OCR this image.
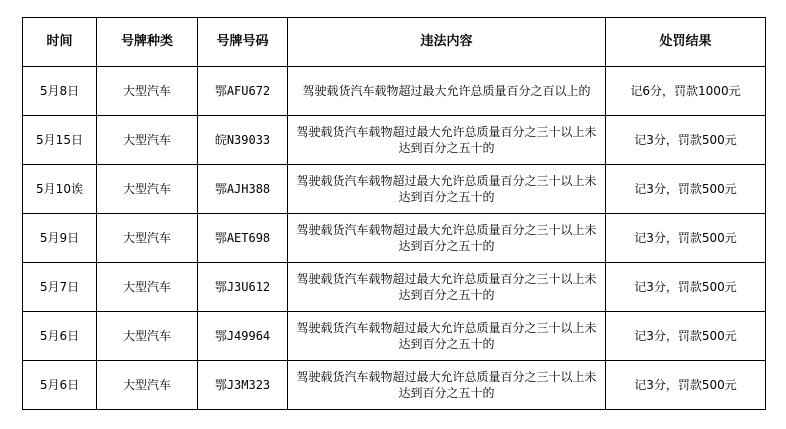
时间	号牌种类	号牌号码	违法内容	处罚结果
5月8日	大型汽车	鄂AFU672	驾驶载货汽车载物超过最大允许总质量百分之百以上的	记6分，罚款1000元
5月15日	大型汽车	皖N39033	驾驶载货汽车载物超过最大允许总质量百分之三十以上未达到百分之五十的	记3分，罚款500元
5月10诶	大型汽车	鄂AJH388	驾驶载货汽车载物超过最大允许总质量百分之三十以上未达到百分之五十的	记3分，罚款500元
5月9日	大型汽车	鄂AET698	驾驶载货汽车载物超过最大允许总质量百分之三十以上未达到百分之五十的	记3分，罚款500元
5月7日	大型汽车	鄂J3U612	驾驶载货汽车载物超过最大允许总质量百分之三十以上未达到百分之五十的	记3分，罚款500元
5月6日	大型汽车	鄂J49964	驾驶载货汽车载物超过最大允许总质量百分之三十以上未达到百分之五十的	记3分，罚款500元
5月6日	大型汽车	鄂J3M323	驾驶载货汽车载物超过最大允许总质量百分之三十以上未达到百分之五十的	记3分，罚款500元
